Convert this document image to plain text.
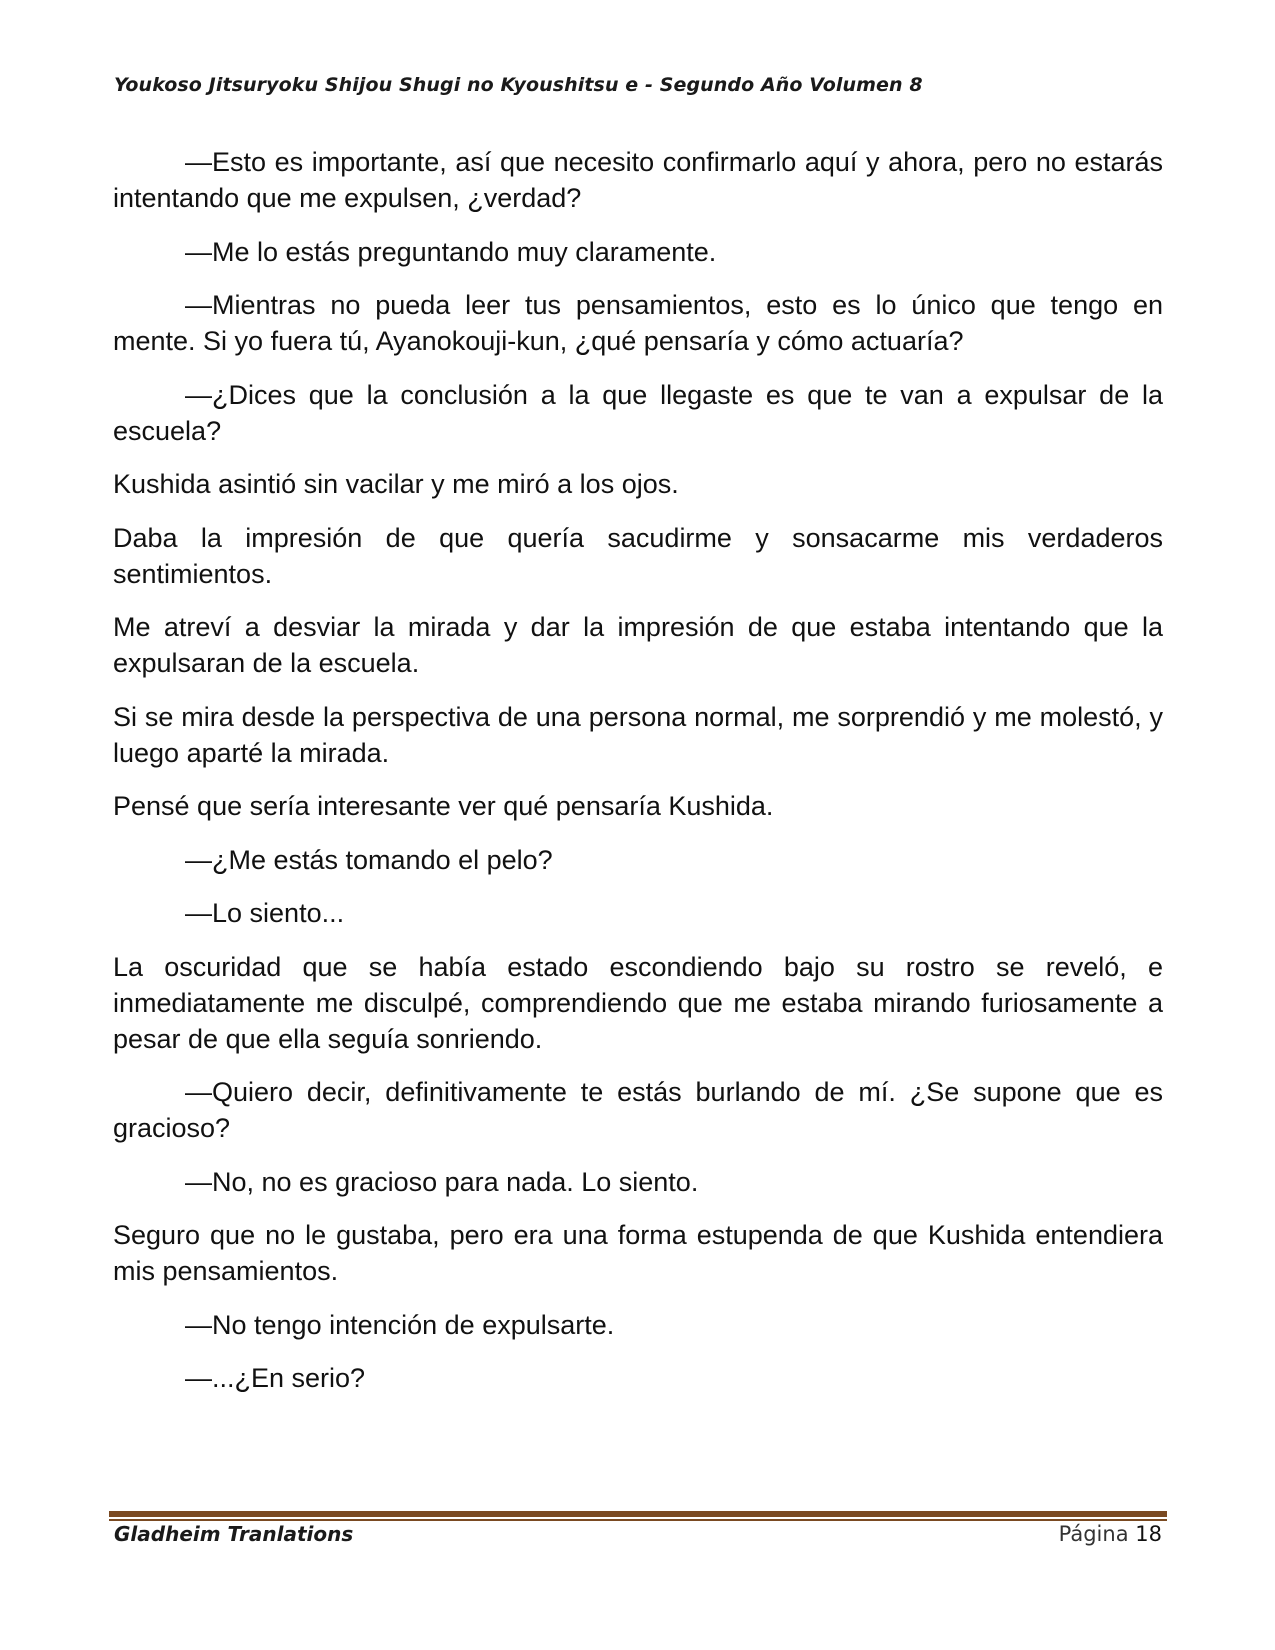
Youkoso Jitsuryoku Shijou Shugi no Kyoushitsu e - Segundo Año Volumen 8

—Esto es importante, así que necesito confirmarlo aquí y ahora, pero no estarás intentando que me expulsen, ¿verdad?

—Me lo estás preguntando muy claramente.

—Mientras no pueda leer tus pensamientos, esto es lo único que tengo en mente. Si yo fuera tú, Ayanokouji-kun, ¿qué pensaría y cómo actuaría?

—¿Dices que la conclusión a la que llegaste es que te van a expulsar de la escuela?

Kushida asintió sin vacilar y me miró a los ojos.

Daba la impresión de que quería sacudirme y sonsacarme mis verdaderos sentimientos.

Me atreví a desviar la mirada y dar la impresión de que estaba intentando que la expulsaran de la escuela.

Si se mira desde la perspectiva de una persona normal, me sorprendió y me molestó, y luego aparté la mirada.

Pensé que sería interesante ver qué pensaría Kushida.

—¿Me estás tomando el pelo?

—Lo siento...

La oscuridad que se había estado escondiendo bajo su rostro se reveló, e inmediatamente me disculpé, comprendiendo que me estaba mirando furiosamente a pesar de que ella seguía sonriendo.

—Quiero decir, definitivamente te estás burlando de mí. ¿Se supone que es gracioso?

—No, no es gracioso para nada. Lo siento.

Seguro que no le gustaba, pero era una forma estupenda de que Kushida entendiera mis pensamientos.

—No tengo intención de expulsarte.

—...¿En serio?

Gladheim Tranlations	Página 18
